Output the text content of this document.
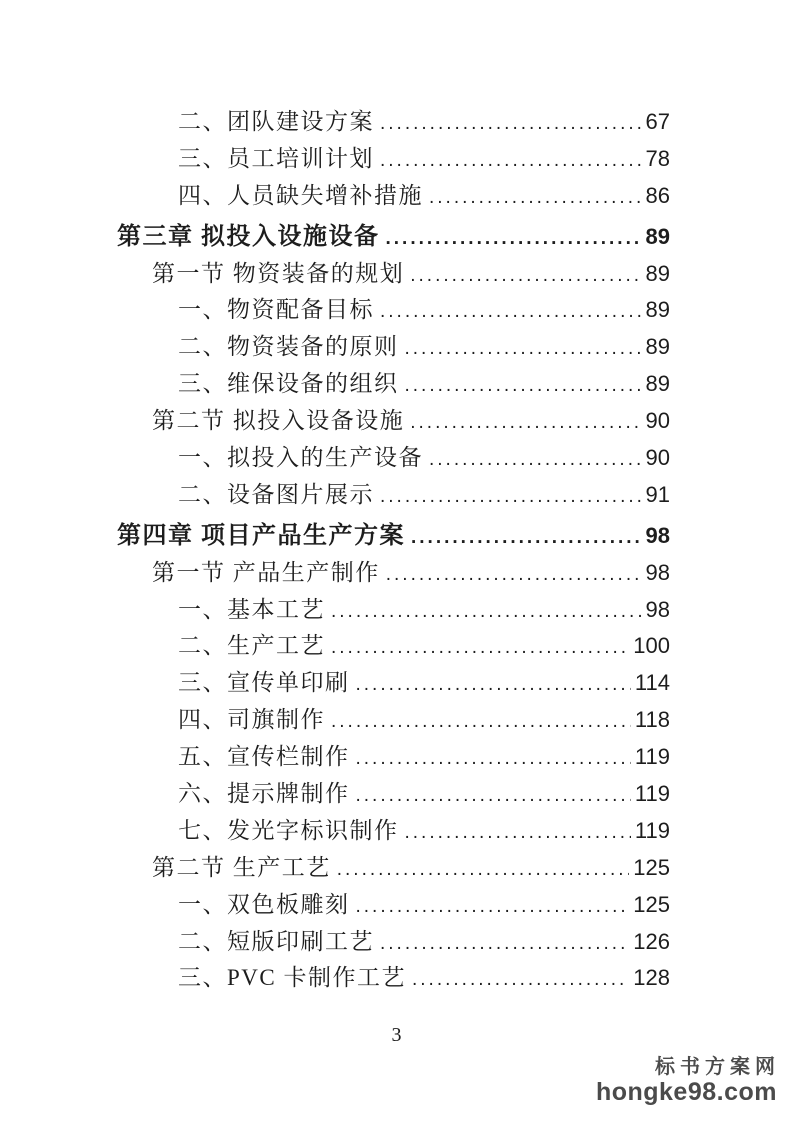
二、团队建设方案 .....	67
三、员工培训计划 .....	78
四、人员缺失增补措施 .....	86
第三章 拟投入设施设备 .....	89
第一节 物资装备的规划 .....	89
一、物资配备目标 .....	89
二、物资装备的原则 .....	89
三、维保设备的组织 .....	89
第二节 拟投入设备设施 .....	90
一、拟投入的生产设备 .....	90
二、设备图片展示 .....	91
第四章 项目产品生产方案 .....	98
第一节 产品生产制作 .....	98
一、基本工艺 .....	98
二、生产工艺 .....	100
三、宣传单印刷 .....	114
四、司旗制作 .....	118
五、宣传栏制作 .....	119
六、提示牌制作 .....	119
七、发光字标识制作 .....	119
第二节 生产工艺 .....	125
一、双色板雕刻 .....	125
二、短版印刷工艺 .....	126
三、PVC 卡制作工艺 .....	128
3
标书方案网
hongke98.com
